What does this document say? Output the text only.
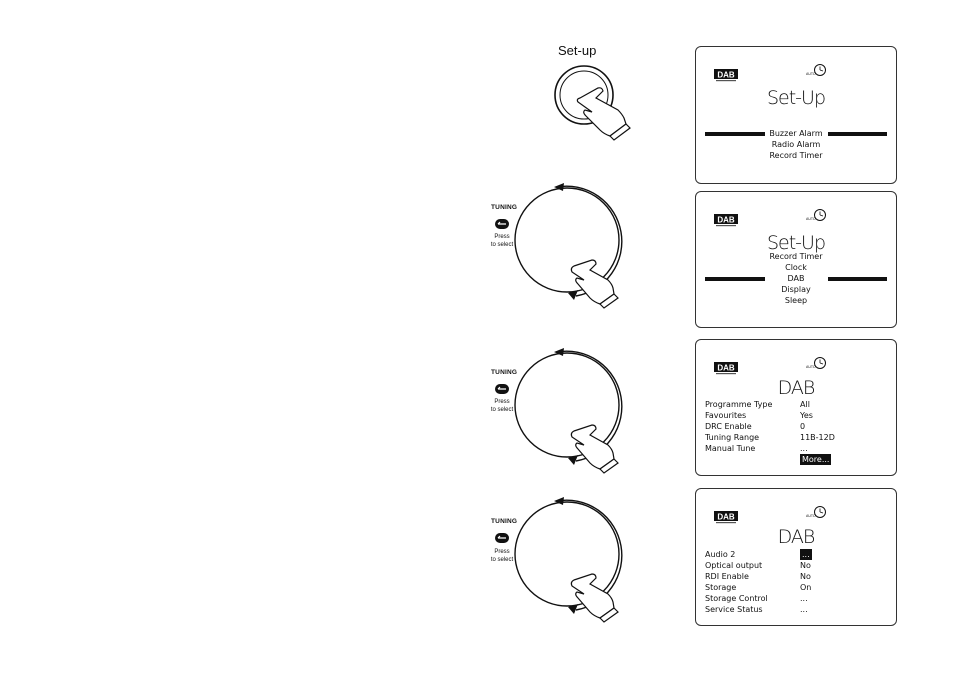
Set-up
TUNING
Press
to select
TUNING
Press
to select
TUNING
Press
to select
DAB	AUTO
Set-Up
Buzzer Alarm
Radio Alarm
Record Timer
DAB	AUTO
Set-Up
Record Timer
Clock
DAB
Display
Sleep
DAB	AUTO
DAB
Programme Type	All
Favourites	Yes
DRC Enable	0
Tuning Range	11B-12D
Manual Tune	...
More...
DAB	AUTO
DAB
Audio 2	...
Optical output	No
RDI Enable	No
Storage	On
Storage Control	...
Service Status	...
